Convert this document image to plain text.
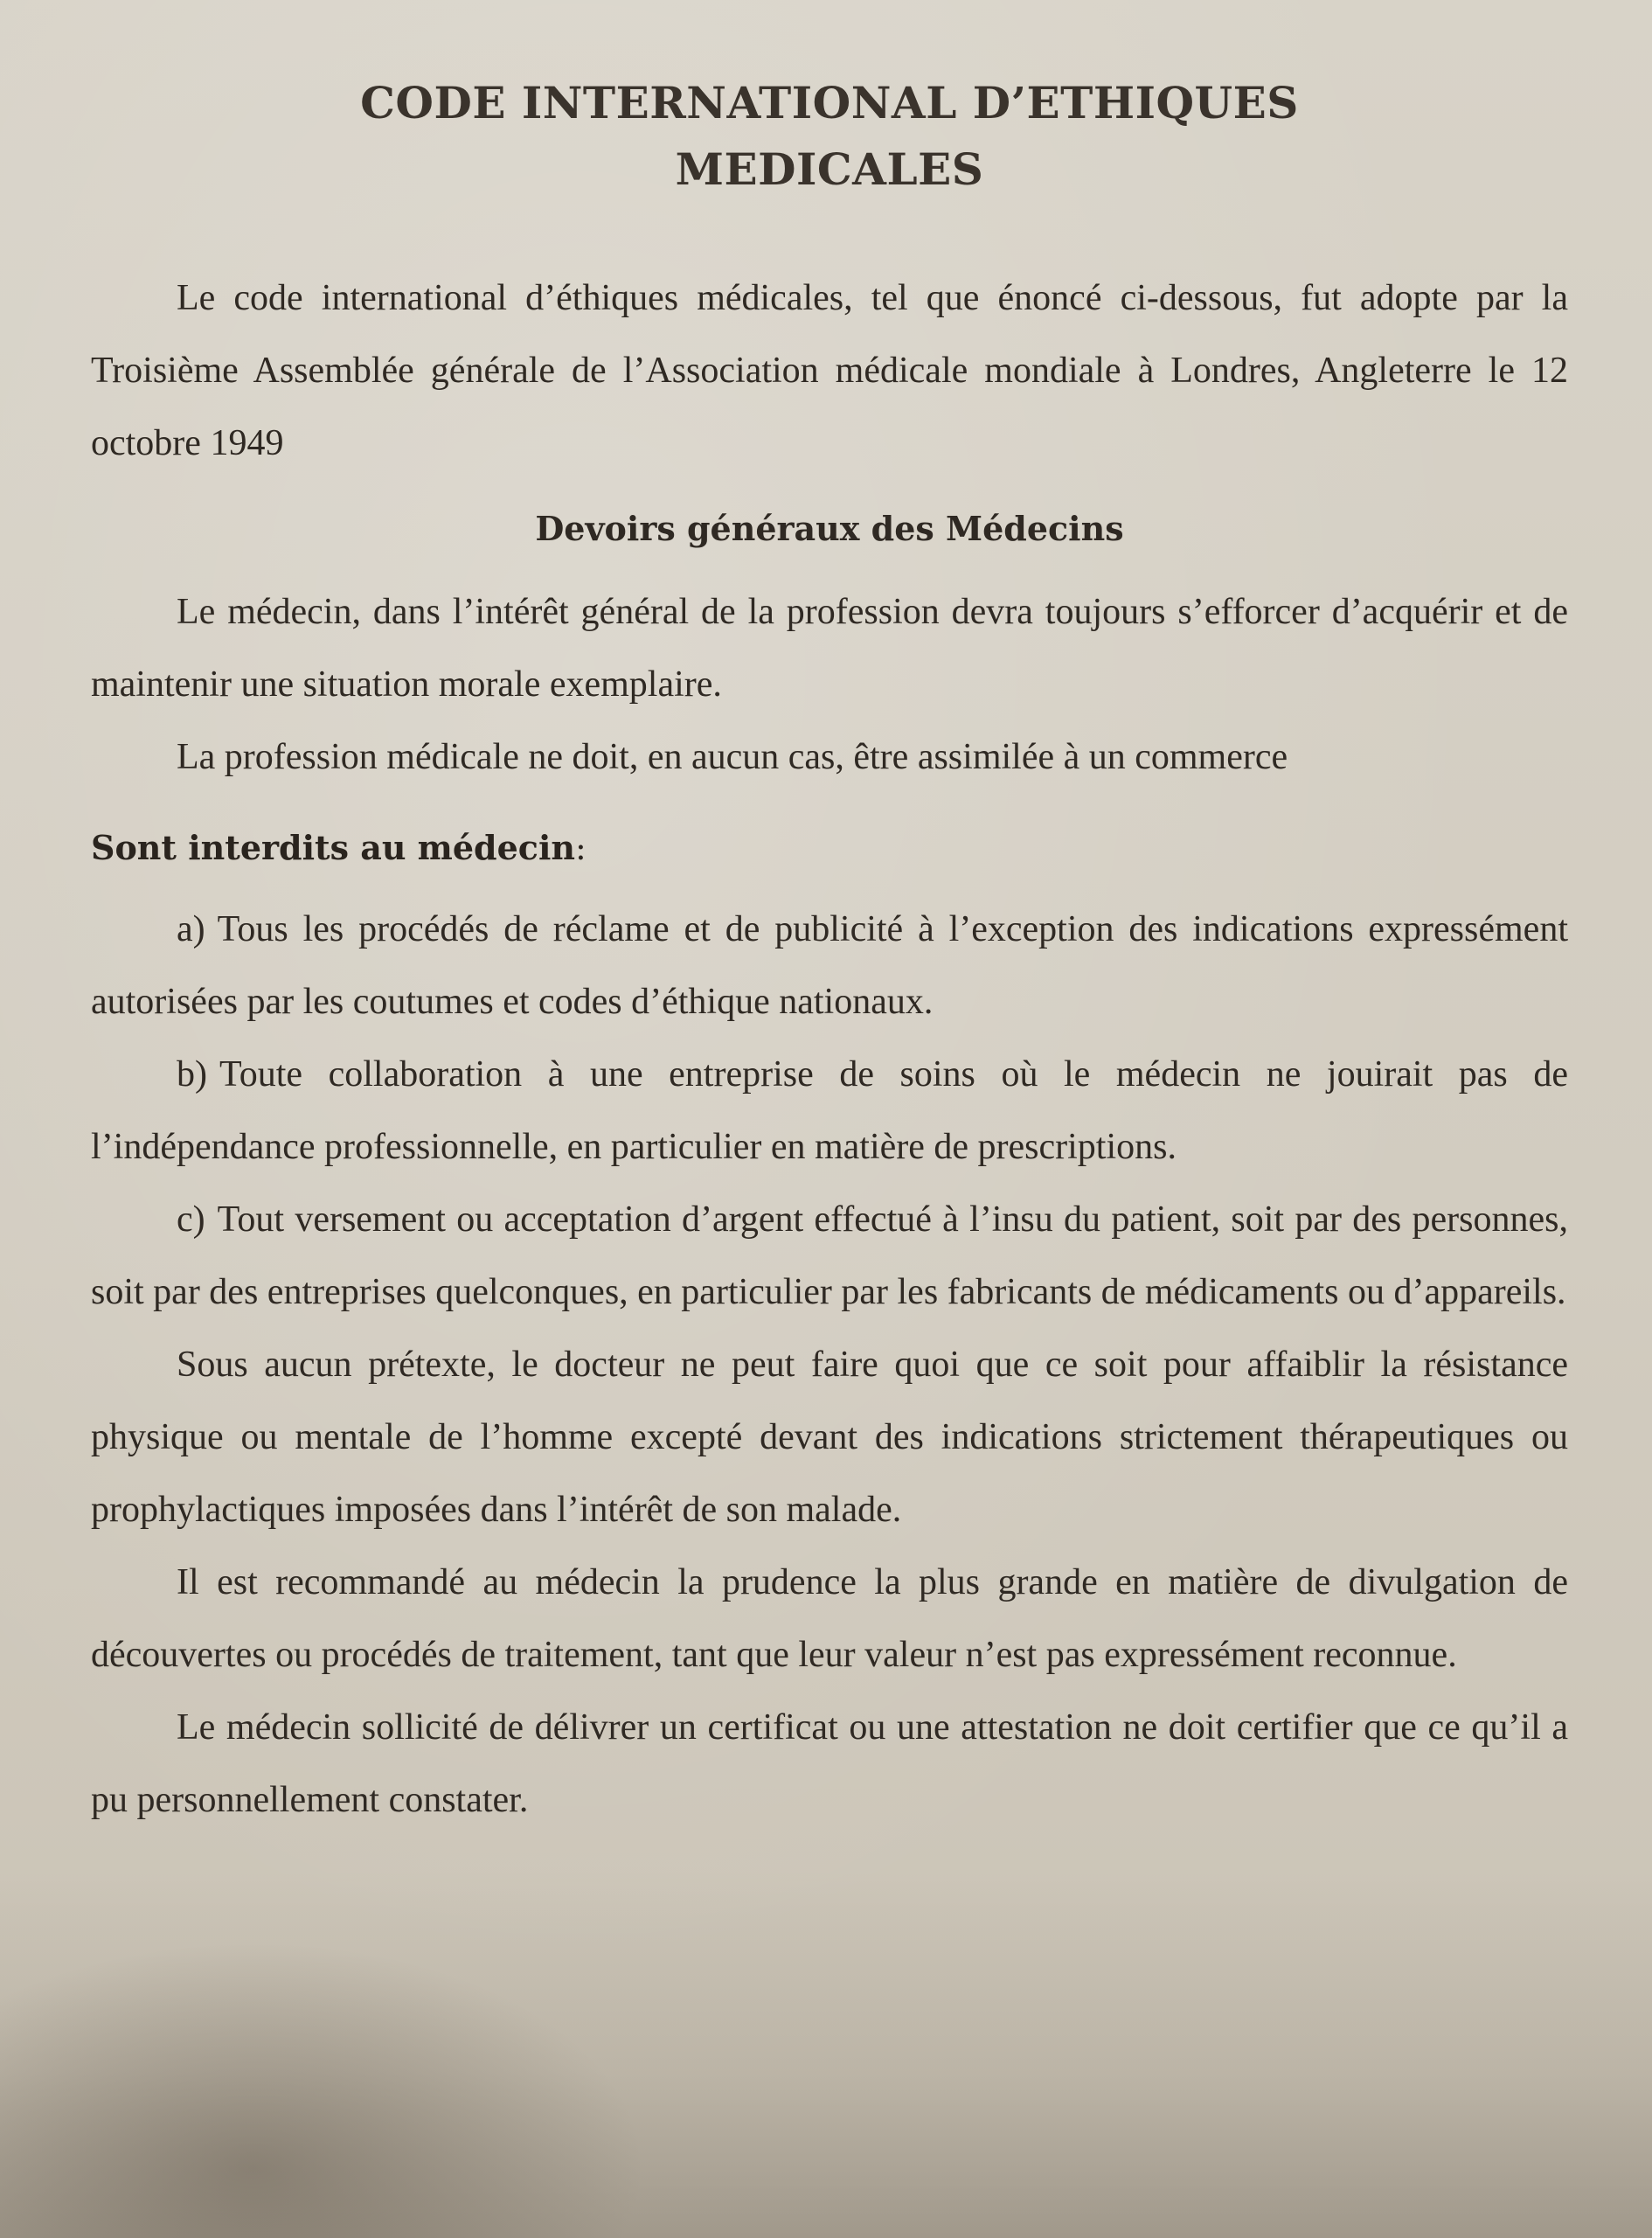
CODE INTERNATIONAL D’ETHIQUES
MEDICALES

Le code international d’éthiques médicales, tel que énoncé ci-dessous, fut adopte par la Troisième Assemblée générale de l’Association médicale mondiale à Londres, Angleterre le 12 octobre 1949

Devoirs généraux des Médecins

Le médecin, dans l’intérêt général de la profession devra toujours s’efforcer d’acquérir et de maintenir une situation morale exemplaire.

La profession médicale ne doit, en aucun cas, être assimilée à un commerce

Sont interdits au médecin:

a) Tous les procédés de réclame et de publicité à l’exception des indications expressément autorisées par les coutumes et codes d’éthique nationaux.

b) Toute collaboration à une entreprise de soins où le médecin ne jouirait pas de l’indépendance professionnelle, en particulier en matière de prescriptions.

c) Tout versement ou acceptation d’argent effectué à l’insu du patient, soit par des personnes, soit par des entreprises quelconques, en particulier par les fabricants de médicaments ou d’appareils.

Sous aucun prétexte, le docteur ne peut faire quoi que ce soit pour affaiblir la résistance physique ou mentale de l’homme excepté devant des indications strictement thérapeutiques ou prophylactiques imposées dans l’intérêt de son malade.

Il est recommandé au médecin la prudence la plus grande en matière de divulgation de découvertes ou procédés de traitement, tant que leur valeur n’est pas expressément reconnue.

Le médecin sollicité de délivrer un certificat ou une attestation ne doit certifier que ce qu’il a pu personnellement constater.
